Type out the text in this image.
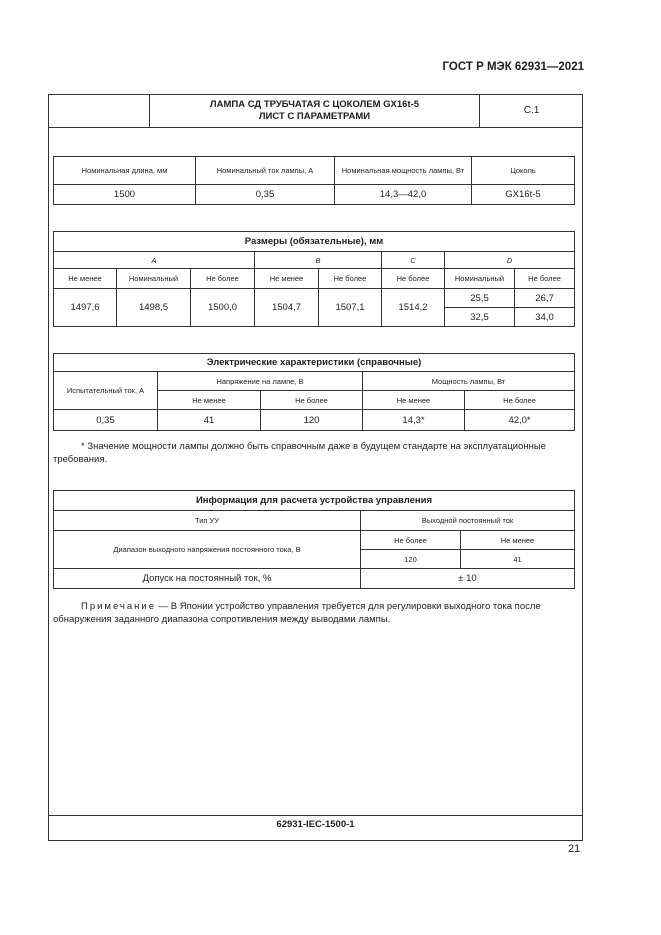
ГОСТ Р МЭК 62931—2021
ЛАМПА СД ТРУБЧАТАЯ С ЦОКОЛЕМ GX16t-5
ЛИСТ С ПАРАМЕТРАМИ	С.1
Номинальная длина, мм	Номинальный ток лампы, А	Номинальная мощность лампы, Вт	Цоколь
1500	0,35	14,3—42,0	GX16t-5
Размеры (обязательные), мм							
A			B		C	D	
Не менее	Номинальный	Не более	Не менее	Не более	Не более	Номинальный	Не более
1497,6	1498,5	1500,0	1504,7	1507,1	1514,2	25,5	26,7
						32,5	34,0
Электрические характеристики (справочные)				
Испытательный ток, А	Напряжение на лампе, В		Мощность лампы, Вт	
	Не менее	Не более	Не менее	Не более
0,35	41	120	14,3*	42,0*
* Значение мощности лампы должно быть справочным даже в будущем стандарте на эксплуатационные требования.
Информация для расчета устройства управления		
Тип УУ	Выходной постоянный ток	
Диапазон выходного напряжения постоянного тока, В	Не более	Не менее
	120	41
Допуск на постоянный ток, %	± 10	
Примечание — В Японии устройство управления требуется для регулировки выходного тока после обнаружения заданного диапазона сопротивления между выводами лампы.
62931-IEC-1500-1
21
